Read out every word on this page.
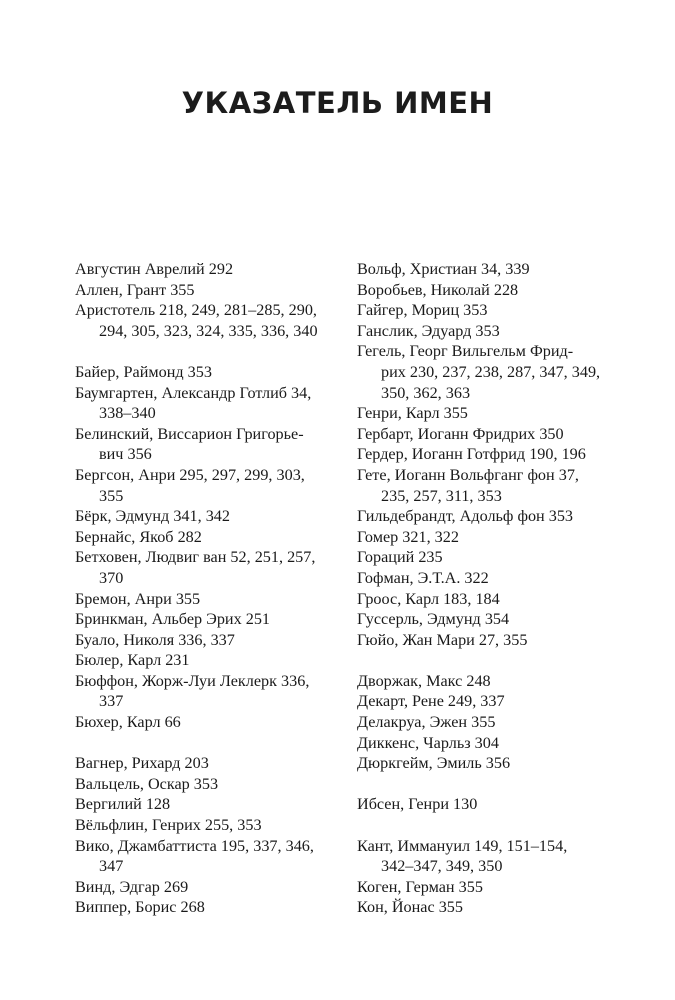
УКАЗАТЕЛЬ ИМЕН
Августин Аврелий 292
Аллен, Грант 355
Аристотель 218, 249, 281–285, 290,
294, 305, 323, 324, 335, 336, 340
Байер, Раймонд 353
Баумгартен, Александр Готлиб 34,
338–340
Белинский, Виссарион Григорье-
вич 356
Бергсон, Анри 295, 297, 299, 303,
355
Бёрк, Эдмунд 341, 342
Бернайс, Якоб 282
Бетховен, Людвиг ван 52, 251, 257,
370
Бремон, Анри 355
Бринкман, Альбер Эрих 251
Буало, Николя 336, 337
Бюлер, Карл 231
Бюффон, Жорж-Луи Леклерк 336,
337
Бюхер, Карл 66
Вагнер, Рихард 203
Вальцель, Оскар 353
Вергилий 128
Вёльфлин, Генрих 255, 353
Вико, Джамбаттиста 195, 337, 346,
347
Винд, Эдгар 269
Виппер, Борис 268
Вольф, Христиан 34, 339
Воробьев, Николай 228
Гайгер, Мориц 353
Ганслик, Эдуард 353
Гегель, Георг Вильгельм Фрид-
рих 230, 237, 238, 287, 347, 349,
350, 362, 363
Генри, Карл 355
Гербарт, Иоганн Фридрих 350
Гердер, Иоганн Готфрид 190, 196
Гете, Иоганн Вольфганг фон 37,
235, 257, 311, 353
Гильдебрандт, Адольф фон 353
Гомер 321, 322
Гораций 235
Гофман, Э.Т.А. 322
Гроос, Карл 183, 184
Гуссерль, Эдмунд 354
Гюйо, Жан Мари 27, 355
Дворжак, Макс 248
Декарт, Рене 249, 337
Делакруа, Эжен 355
Диккенс, Чарльз 304
Дюркгейм, Эмиль 356
Ибсен, Генри 130
Кант, Иммануил 149, 151–154,
342–347, 349, 350
Коген, Герман 355
Кон, Йонас 355
